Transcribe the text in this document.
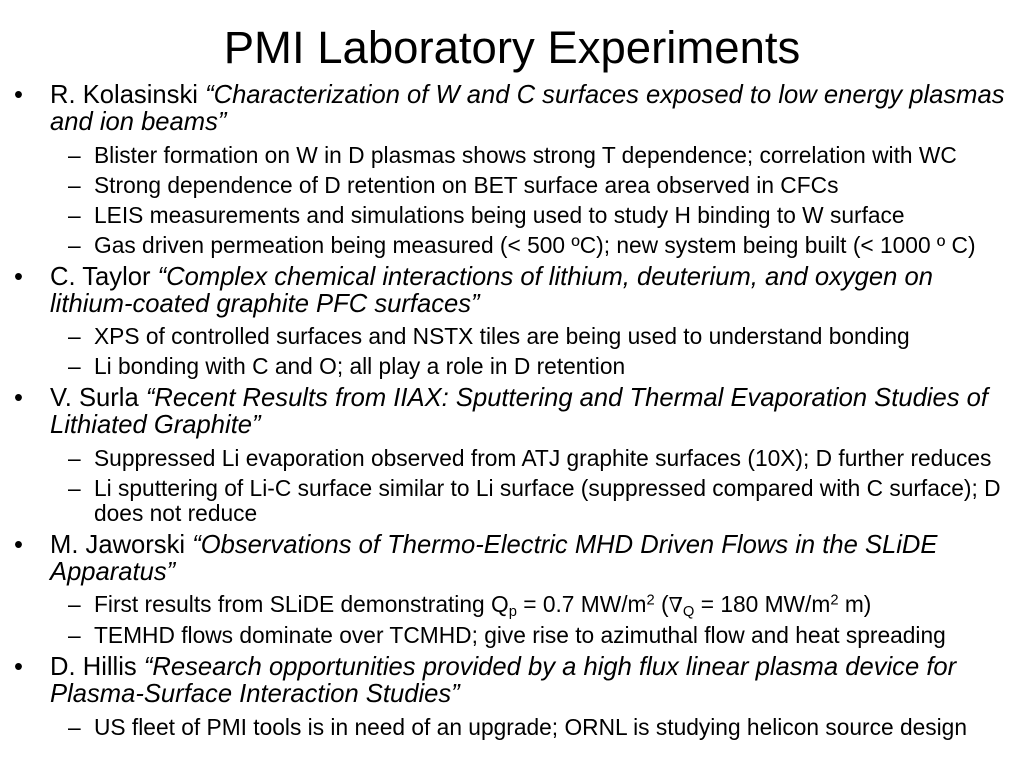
PMI Laboratory Experiments
• R. Kolasinski “Characterization of W and C surfaces exposed to low energy plasmas and ion beams”
– Blister formation on W in D plasmas shows strong T dependence; correlation with WC
– Strong dependence of D retention on BET surface area observed in CFCs
– LEIS measurements and simulations being used to study H binding to W surface
– Gas driven permeation being measured (< 500 ºC); new system being built (< 1000 º C)
• C. Taylor “Complex chemical interactions of lithium, deuterium, and oxygen on lithium-coated graphite PFC surfaces”
– XPS of controlled surfaces and NSTX tiles are being used to understand bonding
– Li bonding with C and O; all play a role in D retention
• V. Surla “Recent Results from IIAX: Sputtering and Thermal Evaporation Studies of Lithiated Graphite”
– Suppressed Li evaporation observed from ATJ graphite surfaces (10X); D further reduces
– Li sputtering of Li-C surface similar to Li surface (suppressed compared with C surface); D does not reduce
• M. Jaworski “Observations of Thermo-Electric MHD Driven Flows in the SLiDE Apparatus”
– First results from SLiDE demonstrating $Q_p = 0.7$ $MW/m^2$ ($\nabla_Q = 180$ $MW/m^2$ m)
– TEMHD flows dominate over TCMHD; give rise to azimuthal flow and heat spreading
• D. Hillis “Research opportunities provided by a high flux linear plasma device for Plasma-Surface Interaction Studies”
– US fleet of PMI tools is in need of an upgrade; ORNL is studying helicon source design
